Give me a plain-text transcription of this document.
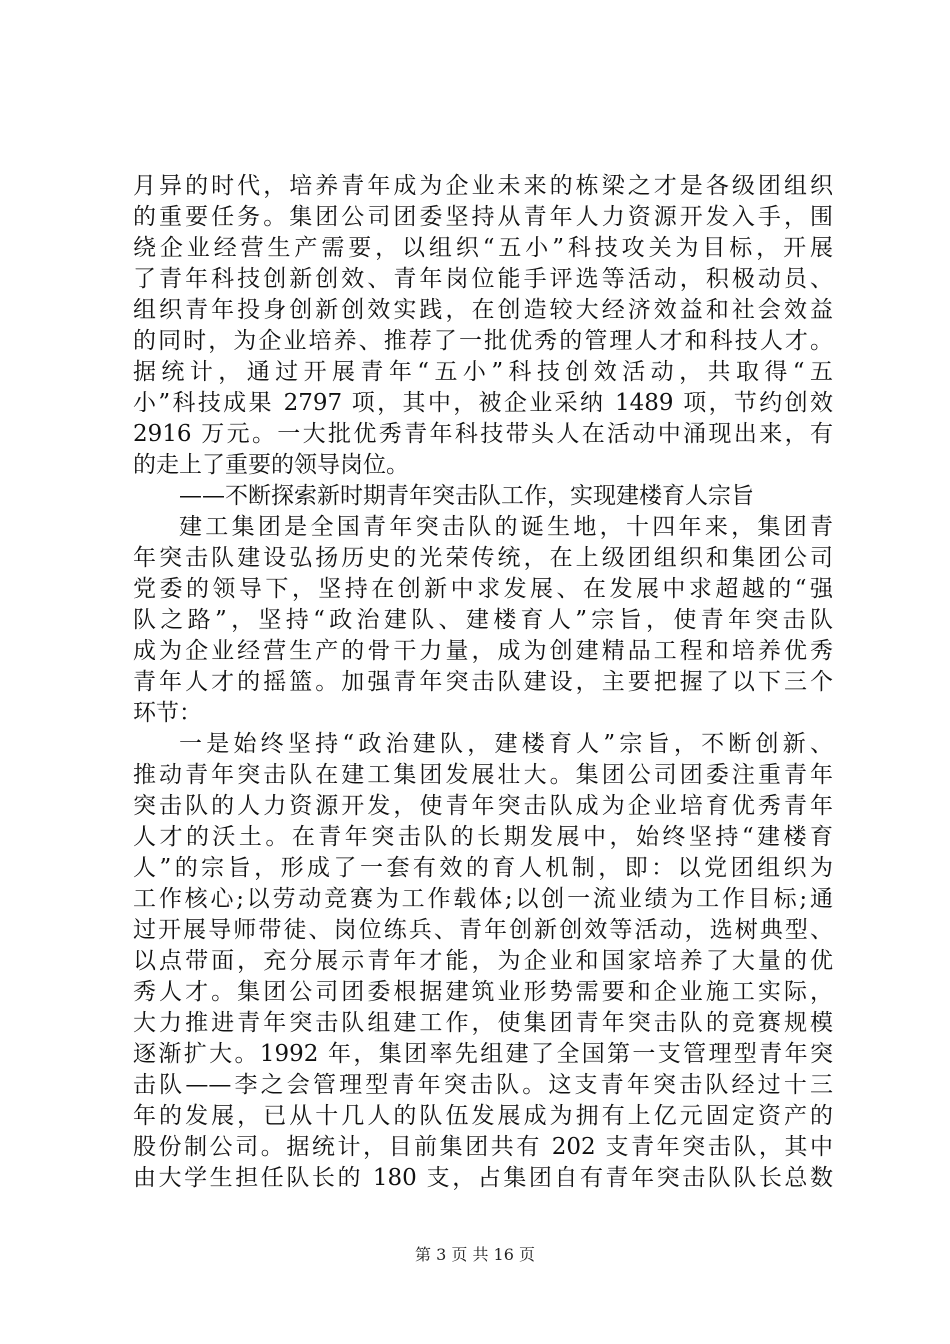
月异的时代，培养青年成为企业未来的栋梁之才是各级团组织
的重要任务。集团公司团委坚持从青年人力资源开发入手，围
绕企业经营生产需要，以组织“五小”科技攻关为目标，开展
了青年科技创新创效、青年岗位能手评选等活动，积极动员、
组织青年投身创新创效实践，在创造较大经济效益和社会效益
的同时，为企业培养、推荐了一批优秀的管理人才和科技人才。
据统计，通过开展青年“五小”科技创效活动，共取得“五
小”科技成果 2797 项，其中，被企业采纳 1489 项，节约创效
2916 万元。一大批优秀青年科技带头人在活动中涌现出来，有
的走上了重要的领导岗位。
——不断探索新时期青年突击队工作，实现建楼育人宗旨
建工集团是全国青年突击队的诞生地，十四年来，集团青
年突击队建设弘扬历史的光荣传统，在上级团组织和集团公司
党委的领导下，坚持在创新中求发展、在发展中求超越的“强
队之路”，坚持“政治建队、建楼育人”宗旨，使青年突击队
成为企业经营生产的骨干力量，成为创建精品工程和培养优秀
青年人才的摇篮。加强青年突击队建设，主要把握了以下三个
环节：
一是始终坚持“政治建队，建楼育人”宗旨，不断创新、
推动青年突击队在建工集团发展壮大。集团公司团委注重青年
突击队的人力资源开发，使青年突击队成为企业培育优秀青年
人才的沃土。在青年突击队的长期发展中，始终坚持“建楼育
人”的宗旨，形成了一套有效的育人机制，即：以党团组织为
工作核心;以劳动竞赛为工作载体;以创一流业绩为工作目标;通
过开展导师带徒、岗位练兵、青年创新创效等活动，选树典型、
以点带面，充分展示青年才能，为企业和国家培养了大量的优
秀人才。集团公司团委根据建筑业形势需要和企业施工实际，
大力推进青年突击队组建工作，使集团青年突击队的竞赛规模
逐渐扩大。1992 年，集团率先组建了全国第一支管理型青年突
击队——李之会管理型青年突击队。这支青年突击队经过十三
年的发展，已从十几人的队伍发展成为拥有上亿元固定资产的
股份制公司。据统计，目前集团共有 202 支青年突击队，其中
由大学生担任队长的 180 支，占集团自有青年突击队队长总数
第 3 页 共 16 页
